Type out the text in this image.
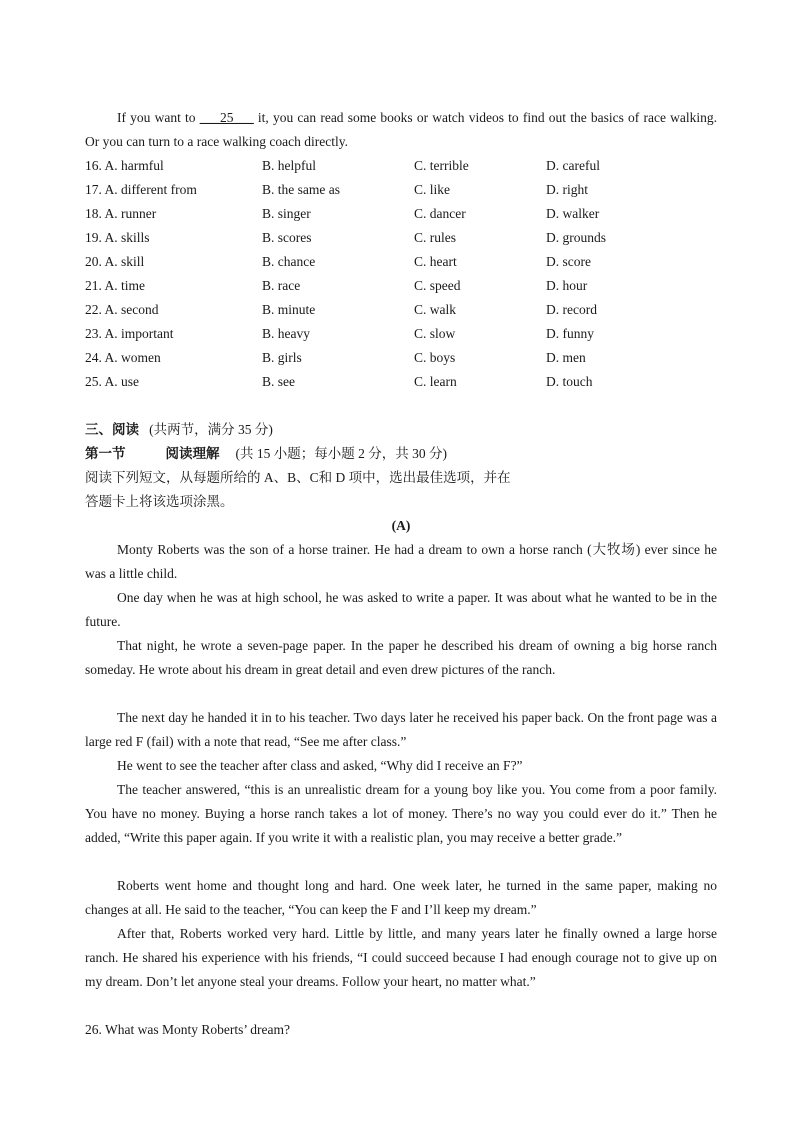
If you want to ___25___ it, you can read some books or watch videos to find out the basics of race walking. Or you can turn to a race walking coach directly.
16. A. harmful	B. helpful	C. terrible	D. careful
17. A. different from	B. the same as	C. like	D. right
18. A. runner	B. singer	C. dancer	D. walker
19. A. skills	B. scores	C. rules	D. grounds
20. A. skill	B. chance	C. heart	D. score
21. A. time	B. race	C. speed	D. hour
22. A. second	B. minute	C. walk	D. record
23. A. important	B. heavy	C. slow	D. funny
24. A. women	B. girls	C. boys	D. men
25. A. use	B. see	C. learn	D. touch
三、阅读 (共两节，满分 35 分)
第一节	阅读理解 (共 15 小题；每小题 2 分，共 30 分)
阅读下列短文，从每题所给的 A、B、C和 D 项中，选出最佳选项，并在
答题卡上将该选项涂黑。
(A)
Monty Roberts was the son of a horse trainer. He had a dream to own a horse ranch (大牧场) ever since he was a little child.
One day when he was at high school, he was asked to write a paper. It was about what he wanted to be in the future.
That night, he wrote a seven-page paper. In the paper he described his dream of owning a big horse ranch someday. He wrote about his dream in great detail and even drew pictures of the ranch.
The next day he handed it in to his teacher. Two days later he received his paper back. On the front page was a large red F (fail) with a note that read, “See me after class.”
He went to see the teacher after class and asked, “Why did I receive an F?”
The teacher answered, “this is an unrealistic dream for a young boy like you. You come from a poor family. You have no money. Buying a horse ranch takes a lot of money. There’s no way you could ever do it.” Then he added, “Write this paper again. If you write it with a realistic plan, you may receive a better grade.”
Roberts went home and thought long and hard. One week later, he turned in the same paper, making no changes at all. He said to the teacher, “You can keep the F and I’ll keep my dream.”
After that, Roberts worked very hard. Little by little, and many years later he finally owned a large horse ranch. He shared his experience with his friends, “I could succeed because I had enough courage not to give up on my dream. Don’t let anyone steal your dreams. Follow your heart, no matter what.”
26. What was Monty Roberts’ dream?
